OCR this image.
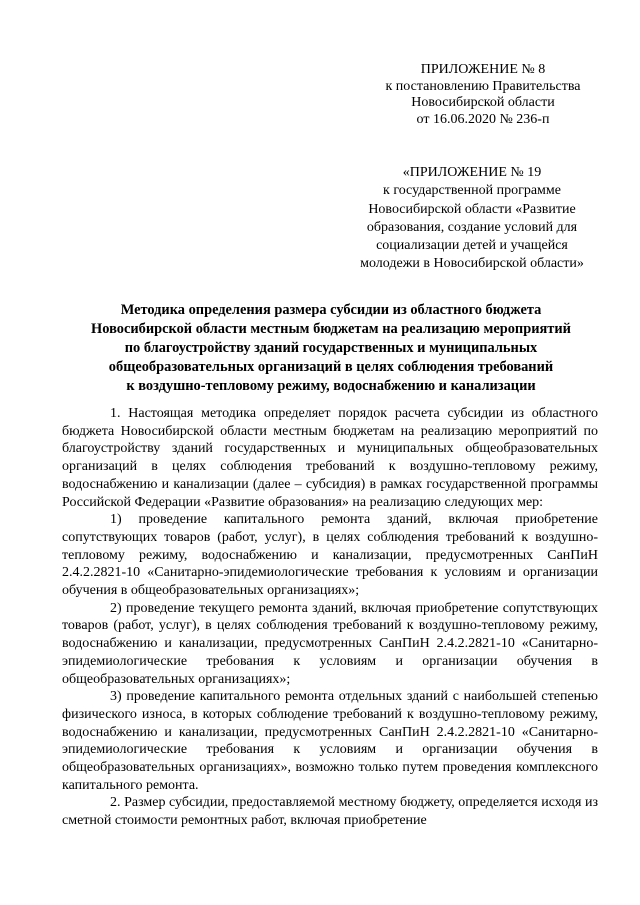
ПРИЛОЖЕНИЕ № 8
к постановлению Правительства
Новосибирской области
от 16.06.2020 № 236-п
«ПРИЛОЖЕНИЕ № 19
к государственной программе
Новосибирской области «Развитие
образования, создание условий для
социализации детей и учащейся
молодежи в Новосибирской области»
Методика определения размера субсидии из областного бюджета
Новосибирской области местным бюджетам на реализацию мероприятий
по благоустройству зданий государственных и муниципальных
общеобразовательных организаций в целях соблюдения требований
к воздушно-тепловому режиму, водоснабжению и канализации

1. Настоящая методика определяет порядок расчета субсидии из областного бюджета Новосибирской области местным бюджетам на реализацию мероприятий по благоустройству зданий государственных и муниципальных общеобразовательных организаций в целях соблюдения требований к воздушно-тепловому режиму, водоснабжению и канализации (далее – субсидия) в рамках государственной программы Российской Федерации «Развитие образования» на реализацию следующих мер:

1) проведение капитального ремонта зданий, включая приобретение сопутствующих товаров (работ, услуг), в целях соблюдения требований к воздушно-тепловому режиму, водоснабжению и канализации, предусмотренных СанПиН 2.4.2.2821-10 «Санитарно-эпидемиологические требования к условиям и организации обучения в общеобразовательных организациях»;

2) проведение текущего ремонта зданий, включая приобретение сопутствующих товаров (работ, услуг), в целях соблюдения требований к воздушно-тепловому режиму, водоснабжению и канализации, предусмотренных СанПиН 2.4.2.2821-10 «Санитарно-эпидемиологические требования к условиям и организации обучения в общеобразовательных организациях»;

3) проведение капитального ремонта отдельных зданий с наибольшей степенью физического износа, в которых соблюдение требований к воздушно-тепловому режиму, водоснабжению и канализации, предусмотренных СанПиН 2.4.2.2821-10 «Санитарно-эпидемиологические требования к условиям и организации обучения в общеобразовательных организациях», возможно только путем проведения комплексного капитального ремонта.

2. Размер субсидии, предоставляемой местному бюджету, определяется исходя из сметной стоимости ремонтных работ, включая приобретение
